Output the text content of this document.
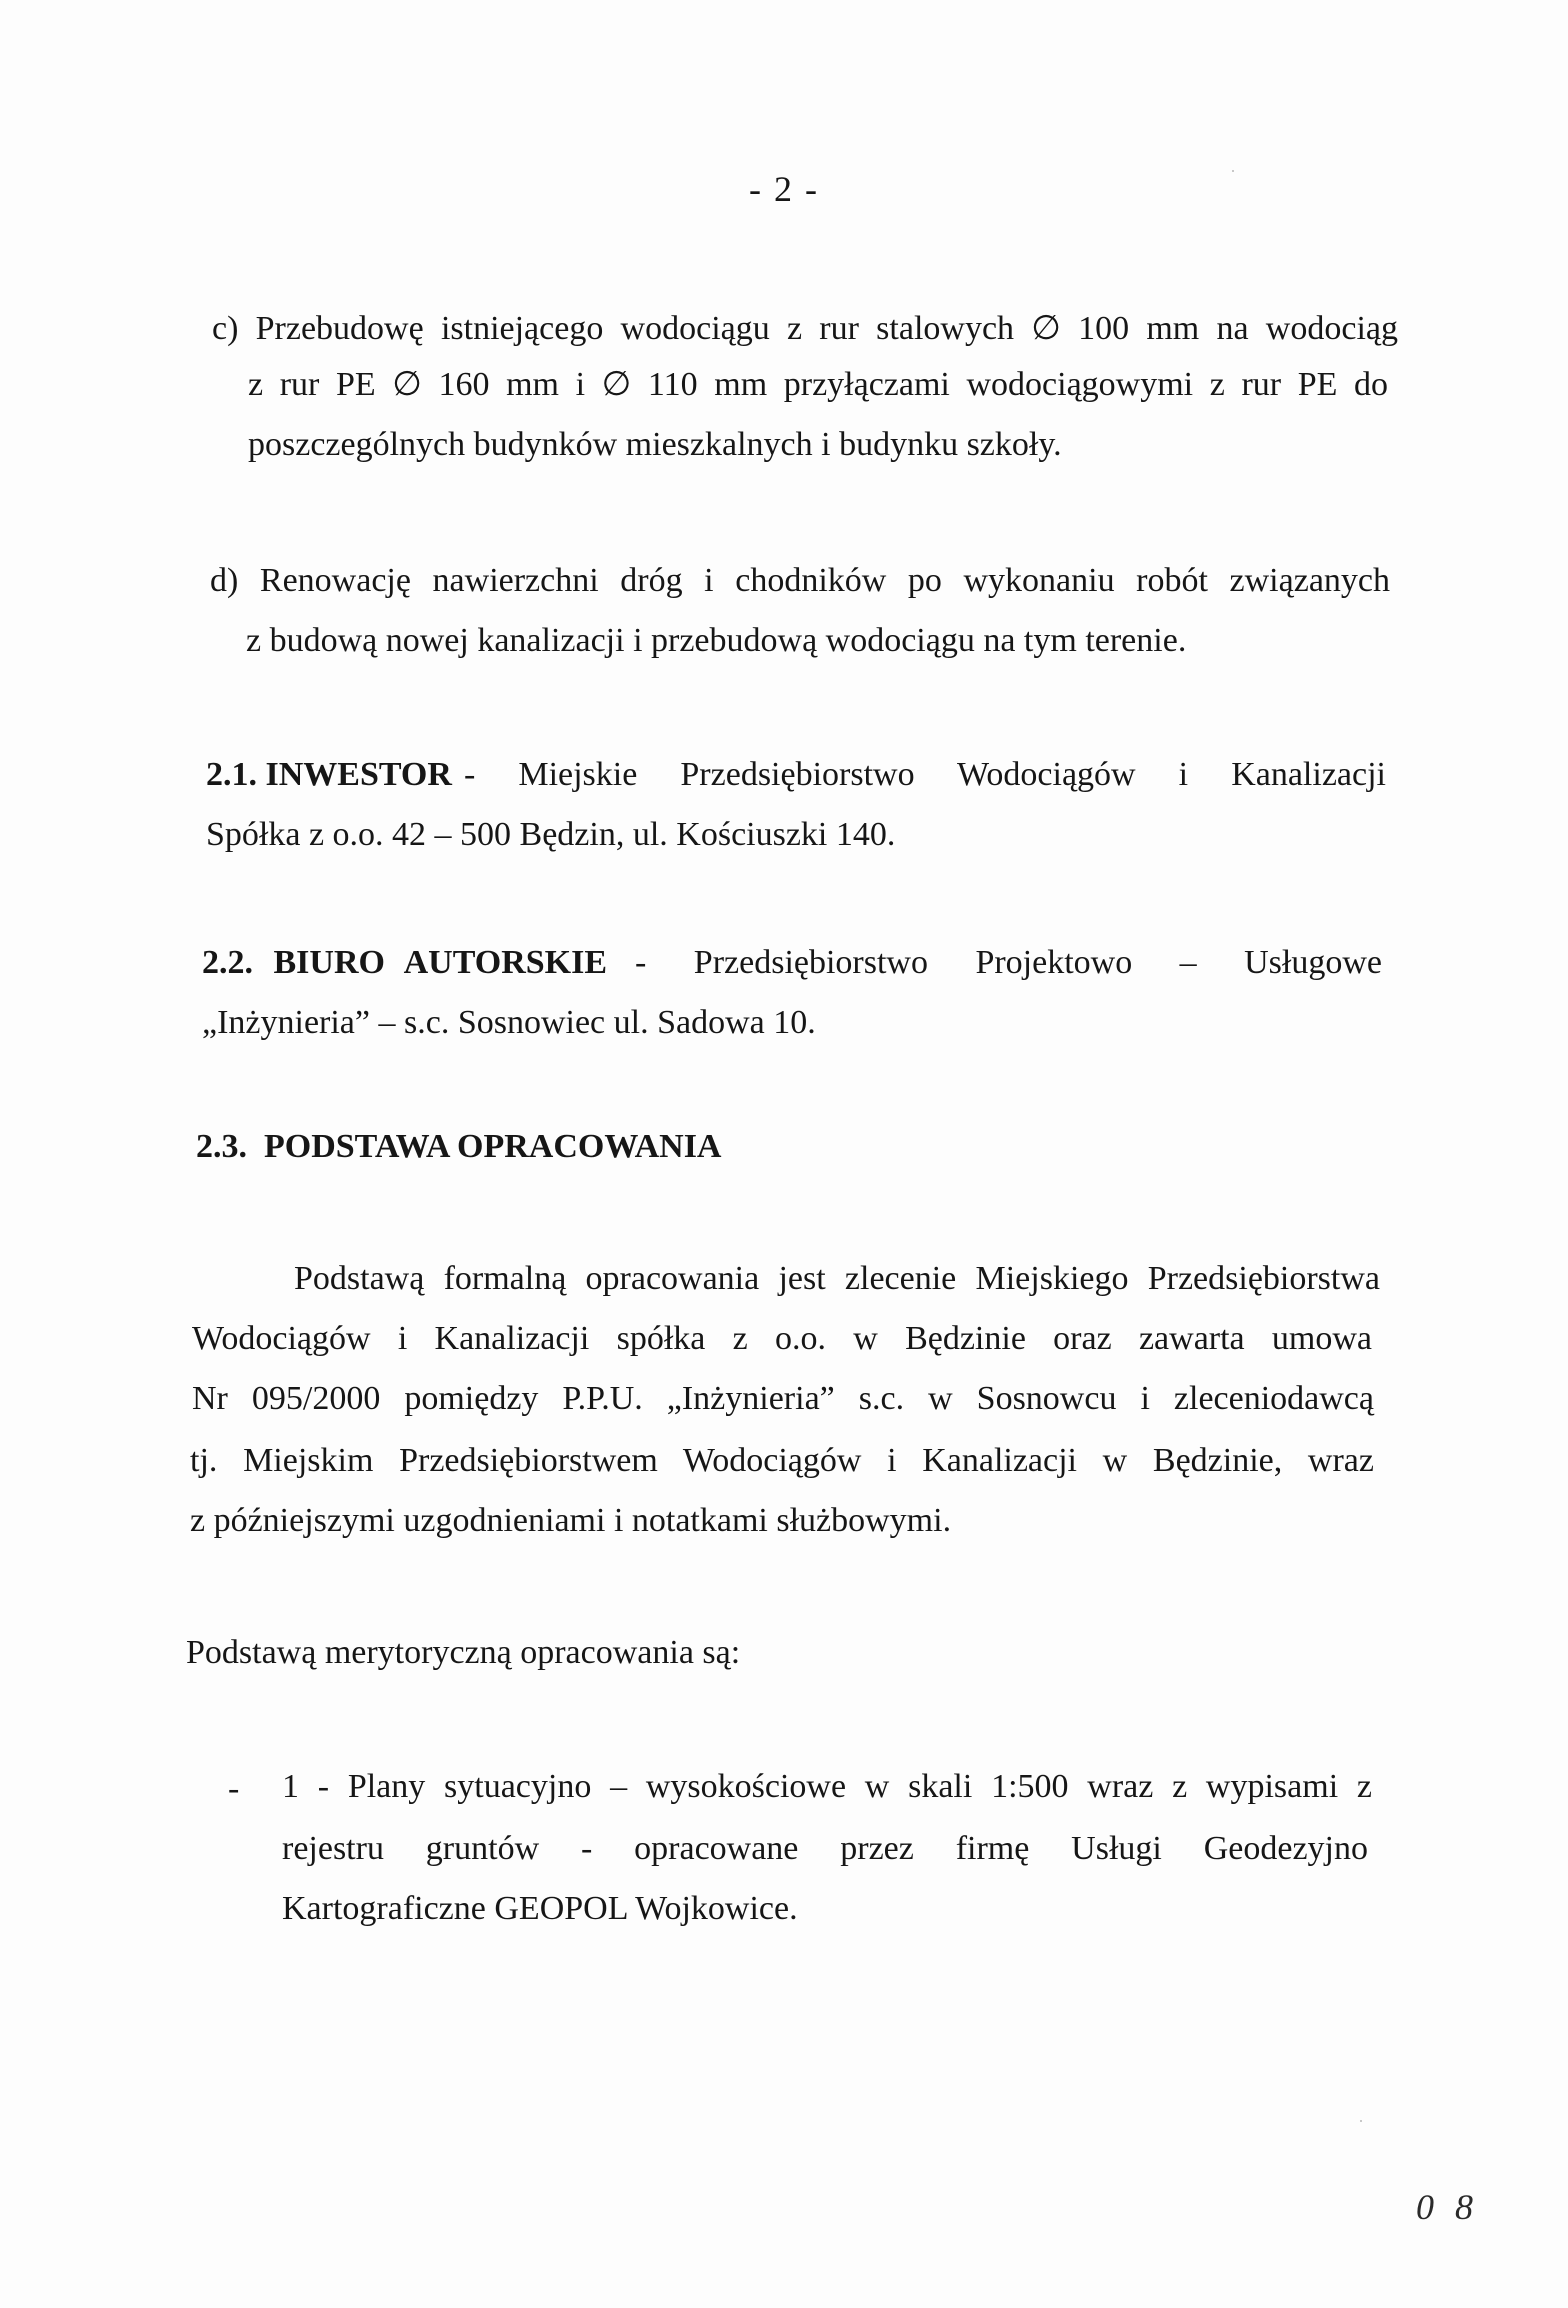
- 2 -
c) Przebudowę istniejącego wodociągu z rur stalowych ∅ 100 mm na wodociąg
z rur PE ∅ 160 mm i ∅ 110 mm przyłączami wodociągowymi z rur PE do
poszczególnych budynków mieszkalnych i budynku szkoły.
d) Renowację nawierzchni dróg i chodników po wykonaniu robót związanych
z budową nowej kanalizacji i przebudową wodociągu na tym terenie.
2.1. INWESTOR - Miejskie Przedsiębiorstwo Wodociągów i Kanalizacji
Spółka z o.o. 42 – 500 Będzin, ul. Kościuszki 140.
2.2. BIURO AUTORSKIE - Przedsiębiorstwo Projektowo – Usługowe
„Inżynieria” – s.c. Sosnowiec ul. Sadowa 10.
2.3.  PODSTAWA OPRACOWANIA
Podstawą formalną opracowania jest zlecenie Miejskiego Przedsiębiorstwa
Wodociągów i Kanalizacji spółka z o.o. w Będzinie oraz zawarta umowa
Nr 095/2000 pomiędzy P.P.U. „Inżynieria” s.c. w Sosnowcu i zleceniodawcą
tj. Miejskim Przedsiębiorstwem Wodociągów i Kanalizacji w Będzinie, wraz
z późniejszymi uzgodnieniami i notatkami służbowymi.
Podstawą merytoryczną opracowania są:
- 1 - Plany sytuacyjno – wysokościowe w skali 1:500 wraz z wypisami z
rejestru gruntów - opracowane przez firmę Usługi Geodezyjno
Kartograficzne GEOPOL Wojkowice.
0 8
